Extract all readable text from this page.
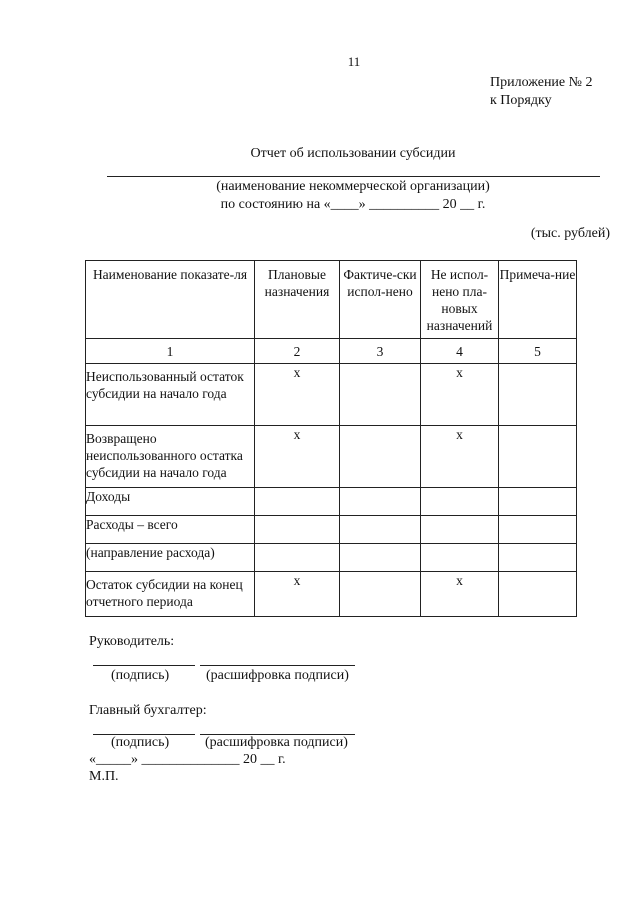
11
Приложение № 2
к Порядку
Отчет об использовании субсидии
(наименование некоммерческой организации)
по состоянию на «____» __________ 20 __ г.
(тыс. рублей)
Наименование показате-ля	Плановые назначения	Фактиче-ски испол-нено	Не испол-нено пла-новых назначений	Примеча-ние
1	2	3	4	5
Неиспользованный остаток субсидии на начало года	х		х	
Возвращено неиспользованного остатка субсидии на начало года	х		х	
Доходы				
Расходы – всего				
(направление расхода)				
Остаток субсидии на конец отчетного периода	х		х	
Руководитель:
(подпись)	(расшифровка подписи)
Главный бухгалтер:
(подпись)	(расшифровка подписи)
«_____» ______________ 20 __ г.
М.П.
